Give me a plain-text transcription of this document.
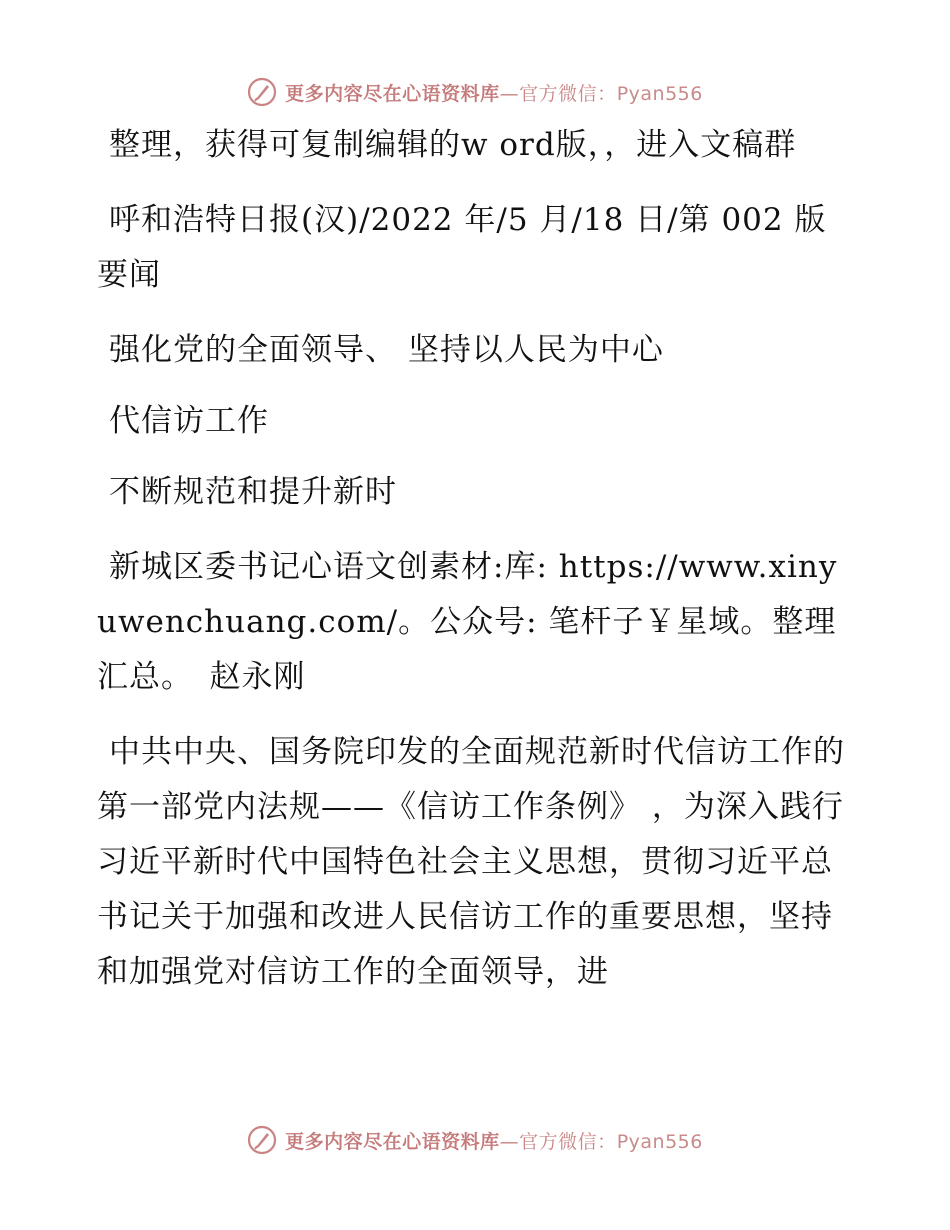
更多内容尽在心语资料库—官方微信：Pyan556

整理，获得可复制编辑的w ord版，，进入文稿群

呼和浩特日报(汉)/2022 年/5 月/18 日/第 002 版要闻

强化党的全面领导、 坚持以人民为中心

代信访工作

不断规范和提升新时

新城区委书记心语文创素材:库: https://www.xinyuwenchuang.com/。公众号: 笔杆子￥星域。整理汇总。　赵永刚

中共中央、国务院印发的全面规范新时代信访工作的第一部党内法规——《信访工作条例》 ，为深入践行习近平新时代中国特色社会主义思想，贯彻习近平总书记关于加强和改进人民信访工作的重要思想，坚持和加强党对信访工作的全面领导，进

更多内容尽在心语资料库—官方微信：Pyan556
